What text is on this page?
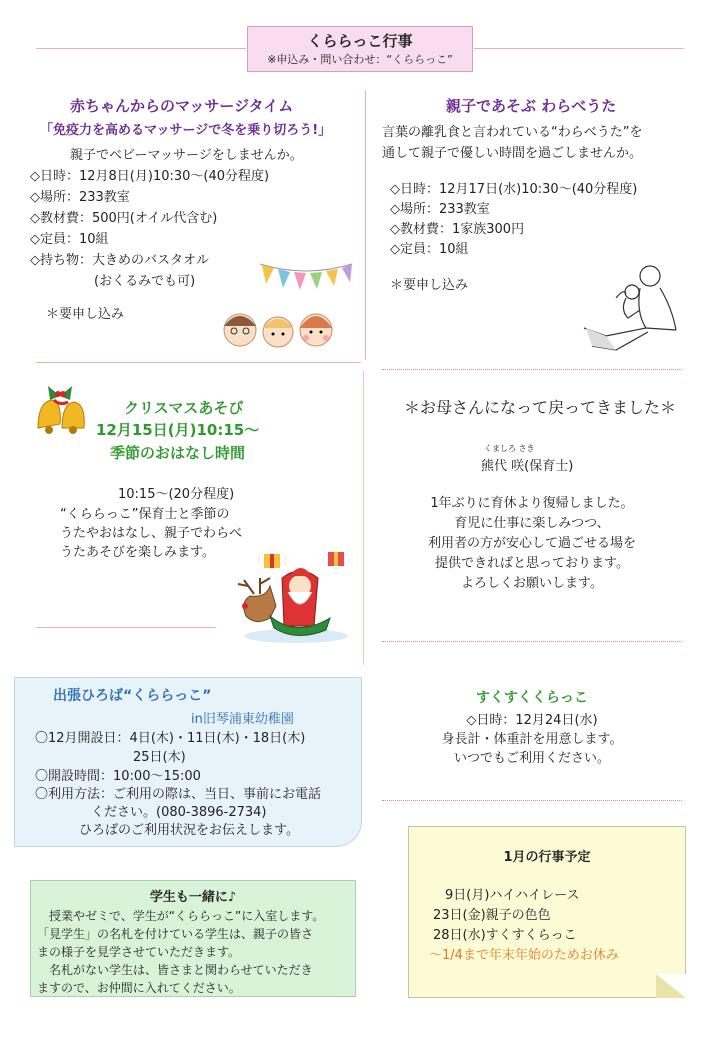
くららっこ行事
※申込み・問い合わせ：“くららっこ”
赤ちゃんからのマッサージタイム
「免疫力を高めるマッサージで冬を乗り切ろう!」
親子でベビーマッサージをしませんか。
◇日時：12月8日(月)10:30～(40分程度)
◇場所：233教室
◇教材費：500円(オイル代含む)
◇定員：10組
◇持ち物：大きめのバスタオル
(おくるみでも可)
＊要申し込み
親子であそぶ わらべうた
言葉の離乳食と言われている“わらべうた”を
通して親子で優しい時間を過ごしませんか。
◇日時：12月17日(水)10:30～(40分程度)
◇場所：233教室
◇教材費：1家族300円
◇定員：10組
＊要申し込み
クリスマスあそび
12月15日(月)10:15～
季節のおはなし時間
10:15～(20分程度)
“くららっこ”保育士と季節の
うたやおはなし、親子でわらべ
うたあそびを楽しみます。
＊お母さんになって戻ってきました＊
くましろ さき
熊代 咲(保育士)
1年ぶりに育休より復帰しました。
育児に仕事に楽しみつつ、
利用者の方が安心して過ごせる場を
提供できればと思っております。
よろしくお願いします。
出張ひろば“くららっこ”
in旧琴浦東幼稚園
〇12月開設日：4日(木)・11日(木)・18日(木)
25日(木)
〇開設時間：10:00～15:00
〇利用方法：ご利用の際は、当日、事前にお電話
ください。(080-3896-2734)
ひろばのご利用状況をお伝えします。
すくすくくらっこ
◇日時：12月24日(水)
身長計・体重計を用意します。
いつでもご利用ください。
学生も一緒に♪
授業やゼミで、学生が“くららっこ”に入室します。
「見学生」の名札を付けている学生は、親子の皆さ
まの様子を見学させていただきます。
名札がない学生は、皆さまと関わらせていただき
ますので、お仲間に入れてください。
1月の行事予定
9日(月)ハイハイレース
23日(金)親子の色色
28日(水)すくすくらっこ
～1/4まで年末年始のためお休み
